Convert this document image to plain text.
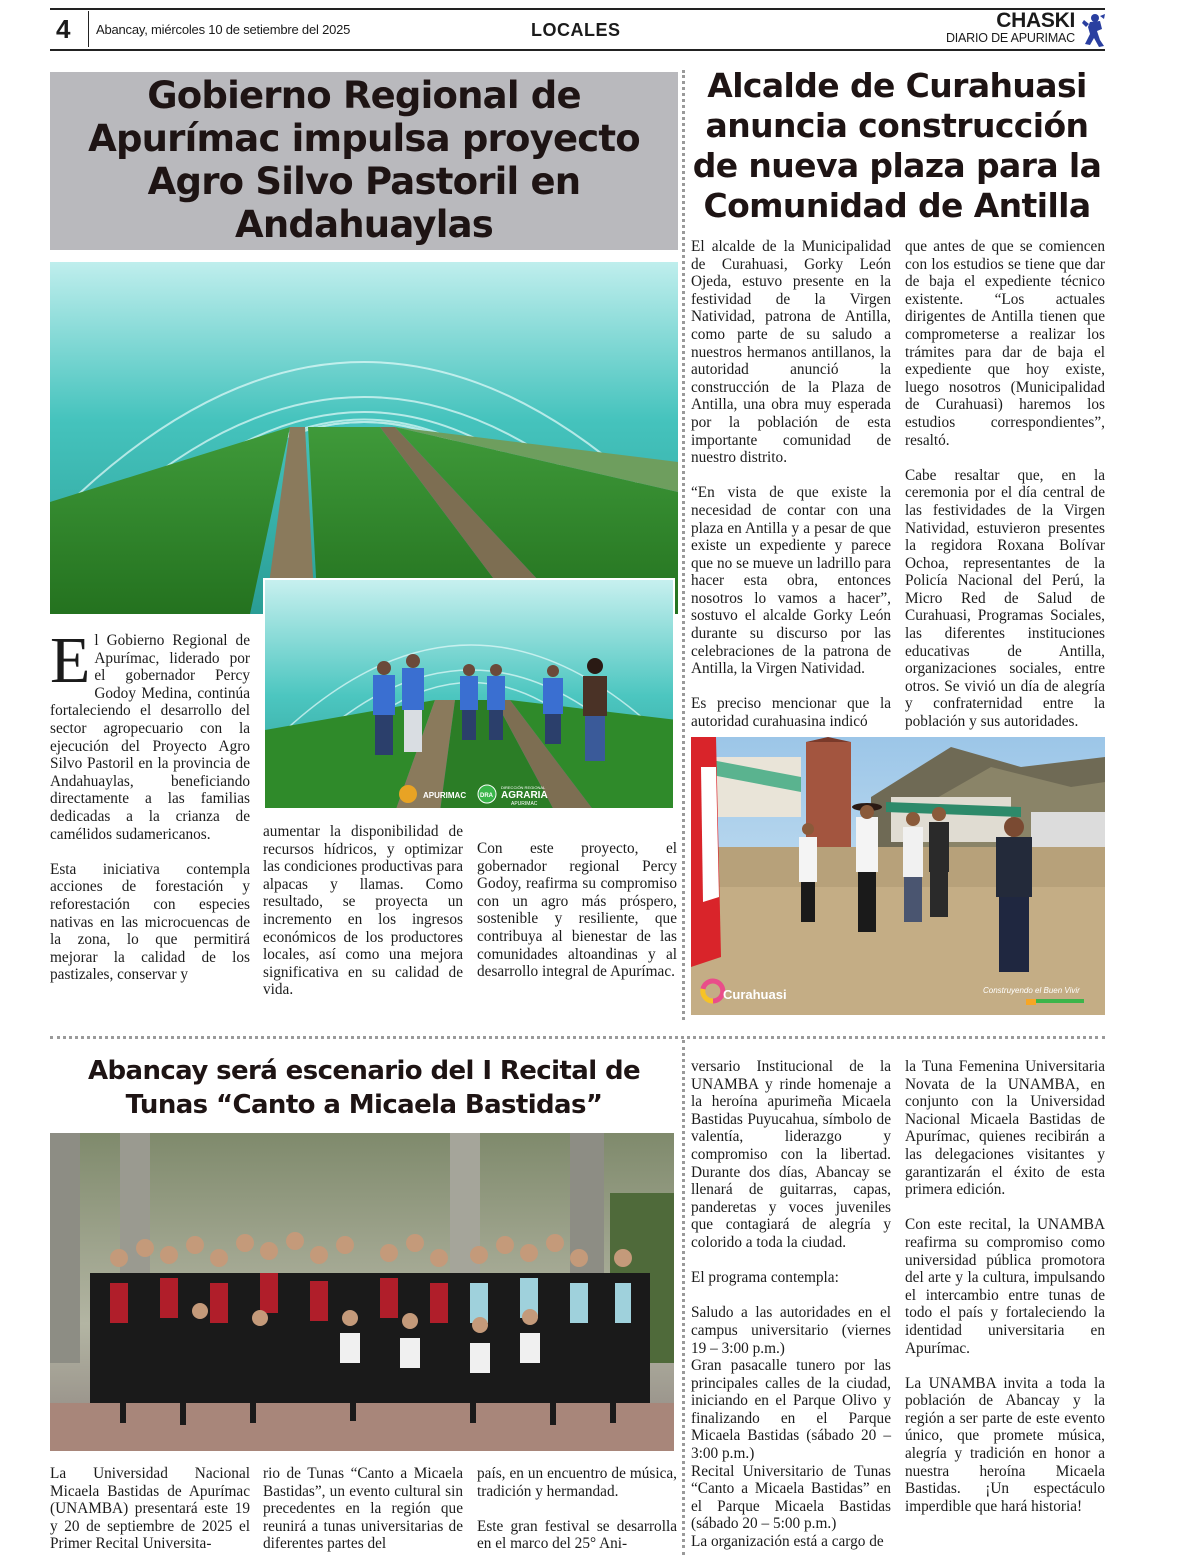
4 Abancay, miércoles 10 de setiembre del 2025	LOCALES	CHASKI
DIARIO DE APURIMAC
Gobierno Regional de Apurímac impulsa proyecto Agro Silvo Pastoril en Andahuaylas
APURIMAC DRA
DIRECCIÓN REGIONAL
AGRARIA
APURIMAC

El Gobierno Regional de Apurímac, liderado por el gobernador Percy Godoy Medina, continúa fortaleciendo el desarrollo del sector agropecuario con la ejecución del Proyecto Agro Silvo Pastoril en la provincia de Andahuaylas, beneficiando directamente a las familias dedicadas a la crianza de camélidos sudamericanos.

Esta iniciativa contempla acciones de forestación y reforestación con especies nativas en las microcuencas de la zona, lo que permitirá mejorar la calidad de los pastizales, conservar y

aumentar la disponibilidad de recursos hídricos, y optimizar las condiciones productivas para alpacas y llamas. Como resultado, se proyecta un incremento en los ingresos económicos de los productores locales, así como una mejora significativa en su calidad de vida.

Con este proyecto, el gobernador regional Percy Godoy, reafirma su compromiso con un agro más próspero, sostenible y resiliente, que contribuya al bienestar de las comunidades altoandinas y al desarrollo integral de Apurímac.

Alcalde de Curahuasi anuncia construcción de nueva plaza para la Comunidad de Antilla

El alcalde de la Municipalidad de Curahuasi, Gorky León Ojeda, estuvo presente en la festividad de la Virgen Natividad, patrona de Antilla, como parte de su saludo a nuestros hermanos antillanos, la autoridad anunció la construcción de la Plaza de Antilla, una obra muy esperada por la población de esta importante comunidad de nuestro distrito.

“En vista de que existe la necesidad de contar con una plaza en Antilla y a pesar de que existe un expediente y parece que no se mueve un ladrillo para hacer esta obra, entonces nosotros lo vamos a hacer”, sostuvo el alcalde Gorky León durante su discurso por las celebraciones de la patrona de Antilla, la Virgen Natividad.

Es preciso mencionar que la autoridad curahuasina indicó

que antes de que se comiencen con los estudios se tiene que dar de baja el expediente técnico existente. “Los actuales dirigentes de Antilla tienen que comprometerse a realizar los trámites para dar de baja el expediente que hoy existe, luego nosotros (Municipalidad de Curahuasi) haremos los estudios correspondientes”, resaltó.

Cabe resaltar que, en la ceremonia por el día central de las festividades de la Virgen Natividad, estuvieron presentes la regidora Roxana Bolívar Ochoa, representantes de la Policía Nacional del Perú, la Micro Red de Salud de Curahuasi, Programas Sociales, las diferentes instituciones educativas de Antilla, organizaciones sociales, entre otros. Se vivió un día de alegría y confraternidad entre la población y sus autoridades.

Curahuasi	Construyendo el Buen Vivir
Abancay será escenario del I Recital de Tunas “Canto a Micaela Bastidas”

La Universidad Nacional Micaela Bastidas de Apurímac (UNAMBA) presentará este 19 y 20 de septiembre de 2025 el Primer Recital Universita-

rio de Tunas “Canto a Micaela Bastidas”, un evento cultural sin precedentes en la región que reunirá a tunas universitarias de diferentes partes del

país, en un encuentro de música, tradición y hermandad.

Este gran festival se desarrolla en el marco del 25° Ani-

versario Institucional de la UNAMBA y rinde homenaje a la heroína apurimeña Micaela Bastidas Puyucahua, símbolo de valentía, liderazgo y compromiso con la libertad. Durante dos días, Abancay se llenará de guitarras, capas, panderetas y voces juveniles que contagiará de alegría y colorido a toda la ciudad.

El programa contempla:

Saludo a las autoridades en el campus universitario (viernes 19 – 3:00 p.m.)
Gran pasacalle tunero por las principales calles de la ciudad, iniciando en el Parque Olivo y finalizando en el Parque Micaela Bastidas (sábado 20 – 3:00 p.m.)
Recital Universitario de Tunas “Canto a Micaela Bastidas” en el Parque Micaela Bastidas (sábado 20 – 5:00 p.m.)
La organización está a cargo de

la Tuna Femenina Universitaria Novata de la UNAMBA, en conjunto con la Universidad Nacional Micaela Bastidas de Apurímac, quienes recibirán a las delegaciones visitantes y garantizarán el éxito de esta primera edición.

Con este recital, la UNAMBA reafirma su compromiso como universidad pública promotora del arte y la cultura, impulsando el intercambio entre tunas de todo el país y fortaleciendo la identidad universitaria en Apurímac.

La UNAMBA invita a toda la población de Abancay y la región a ser parte de este evento único, que promete música, alegría y tradición en honor a nuestra heroína Micaela Bastidas. ¡Un espectáculo imperdible que hará historia!
